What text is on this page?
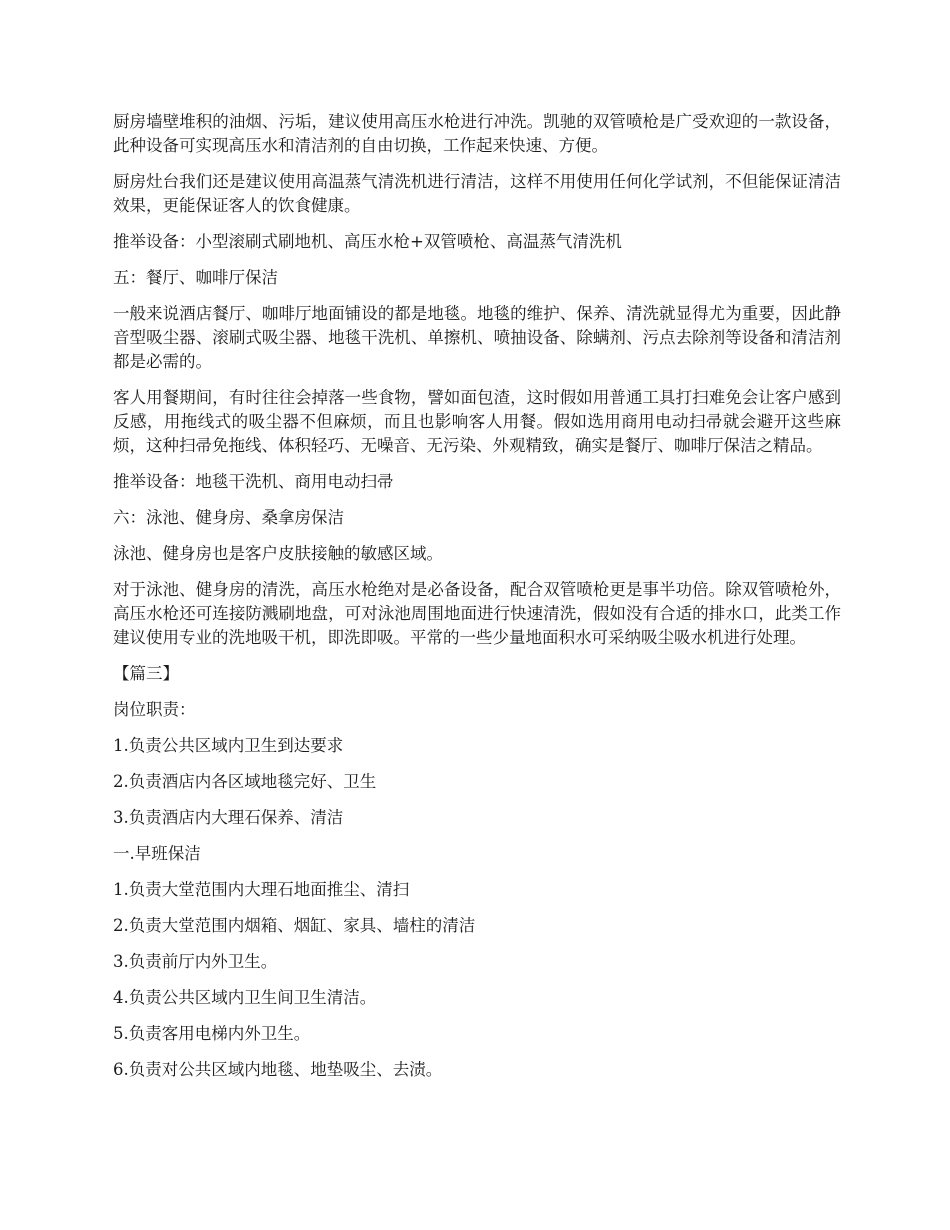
厨房墙壁堆积的油烟、污垢，建议使用高压水枪进行冲洗。凯驰的双管喷枪是广受欢迎的一款设备，此种设备可实现高压水和清洁剂的自由切换，工作起来快速、方便。

厨房灶台我们还是建议使用高温蒸气清洗机进行清洁，这样不用使用任何化学试剂，不但能保证清洁效果，更能保证客人的饮食健康。

推举设备：小型滚刷式刷地机、高压水枪+双管喷枪、高温蒸气清洗机

五：餐厅、咖啡厅保洁

一般来说酒店餐厅、咖啡厅地面铺设的都是地毯。地毯的维护、保养、清洗就显得尤为重要，因此静音型吸尘器、滚刷式吸尘器、地毯干洗机、单擦机、喷抽设备、除螨剂、污点去除剂等设备和清洁剂都是必需的。

客人用餐期间，有时往往会掉落一些食物，譬如面包渣，这时假如用普通工具打扫难免会让客户感到反感，用拖线式的吸尘器不但麻烦，而且也影响客人用餐。假如选用商用电动扫帚就会避开这些麻烦，这种扫帚免拖线、体积轻巧、无噪音、无污染、外观精致，确实是餐厅、咖啡厅保洁之精品。

推举设备：地毯干洗机、商用电动扫帚

六：泳池、健身房、桑拿房保洁

泳池、健身房也是客户皮肤接触的敏感区域。

对于泳池、健身房的清洗，高压水枪绝对是必备设备，配合双管喷枪更是事半功倍。除双管喷枪外，高压水枪还可连接防溅刷地盘，可对泳池周围地面进行快速清洗，假如没有合适的排水口，此类工作建议使用专业的洗地吸干机，即洗即吸。平常的一些少量地面积水可采纳吸尘吸水机进行处理。

【篇三】

岗位职责：

1.负责公共区域内卫生到达要求

2.负责酒店内各区域地毯完好、卫生

3.负责酒店内大理石保养、清洁

一.早班保洁

1.负责大堂范围内大理石地面推尘、清扫

2.负责大堂范围内烟箱、烟缸、家具、墙柱的清洁

3.负责前厅内外卫生。

4.负责公共区域内卫生间卫生清洁。

5.负责客用电梯内外卫生。

6.负责对公共区域内地毯、地垫吸尘、去渍。
